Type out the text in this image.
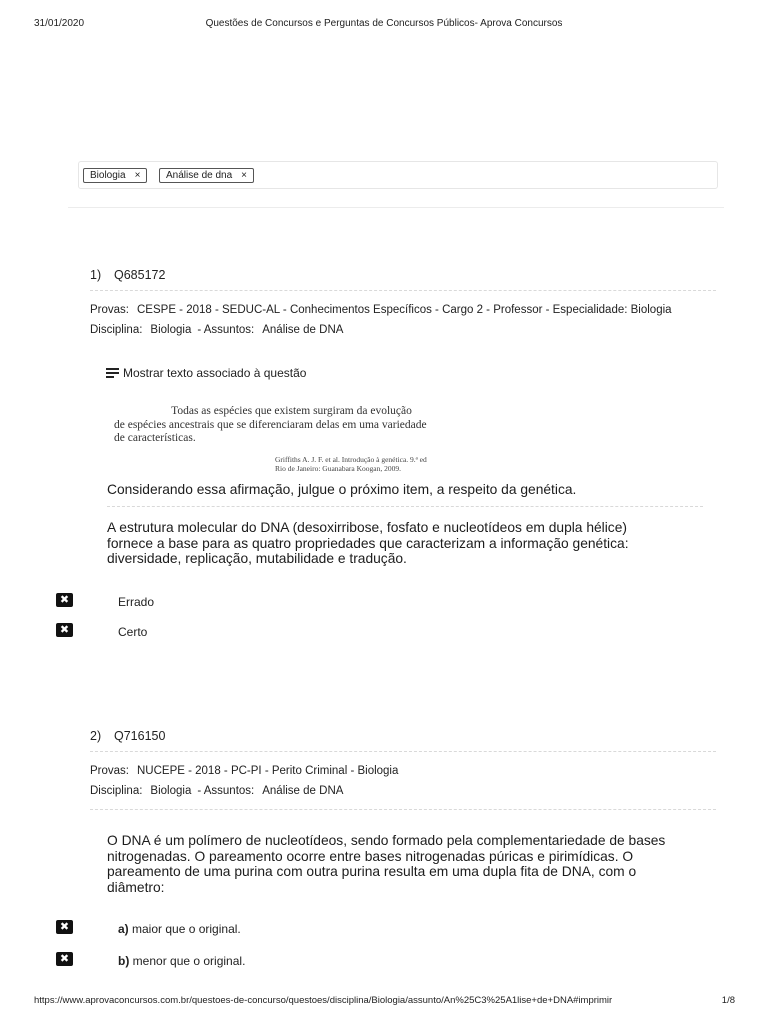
31/01/2020	Questões de Concursos e Perguntas de Concursos Públicos- Aprova Concursos
Biologia ×	Análise de dna ×
1) Q685172
Provas: CESPE - 2018 - SEDUC-AL - Conhecimentos Específicos - Cargo 2 - Professor - Especialidade: Biologia
Disciplina: Biologia - Assuntos: Análise de DNA
Mostrar texto associado à questão
Todas as espécies que existem surgiram da evolução
de espécies ancestrais que se diferenciaram delas em uma variedade
de características.
Griffiths A. J. F. et al. Introdução à genética. 9.ª ed
Rio de Janeiro: Guanabara Koogan, 2009.
Considerando essa afirmação, julgue o próximo item, a respeito da genética.
A estrutura molecular do DNA (desoxirribose, fosfato e nucleotídeos em dupla hélice)
fornece a base para as quatro propriedades que caracterizam a informação genética:
diversidade, replicação, mutabilidade e tradução.
✖	Errado
✖	Certo
2) Q716150
Provas: NUCEPE - 2018 - PC-PI - Perito Criminal - Biologia
Disciplina: Biologia - Assuntos: Análise de DNA
O DNA é um polímero de nucleotídeos, sendo formado pela complementariedade de bases
nitrogenadas. O pareamento ocorre entre bases nitrogenadas púricas e pirimídicas. O
pareamento de uma purina com outra purina resulta em uma dupla fita de DNA, com o
diâmetro:
✖	a) maior que o original.
✖	b) menor que o original.
https://www.aprovaconcursos.com.br/questoes-de-concurso/questoes/disciplina/Biologia/assunto/An%25C3%25A1lise+de+DNA#imprimir	1/8
